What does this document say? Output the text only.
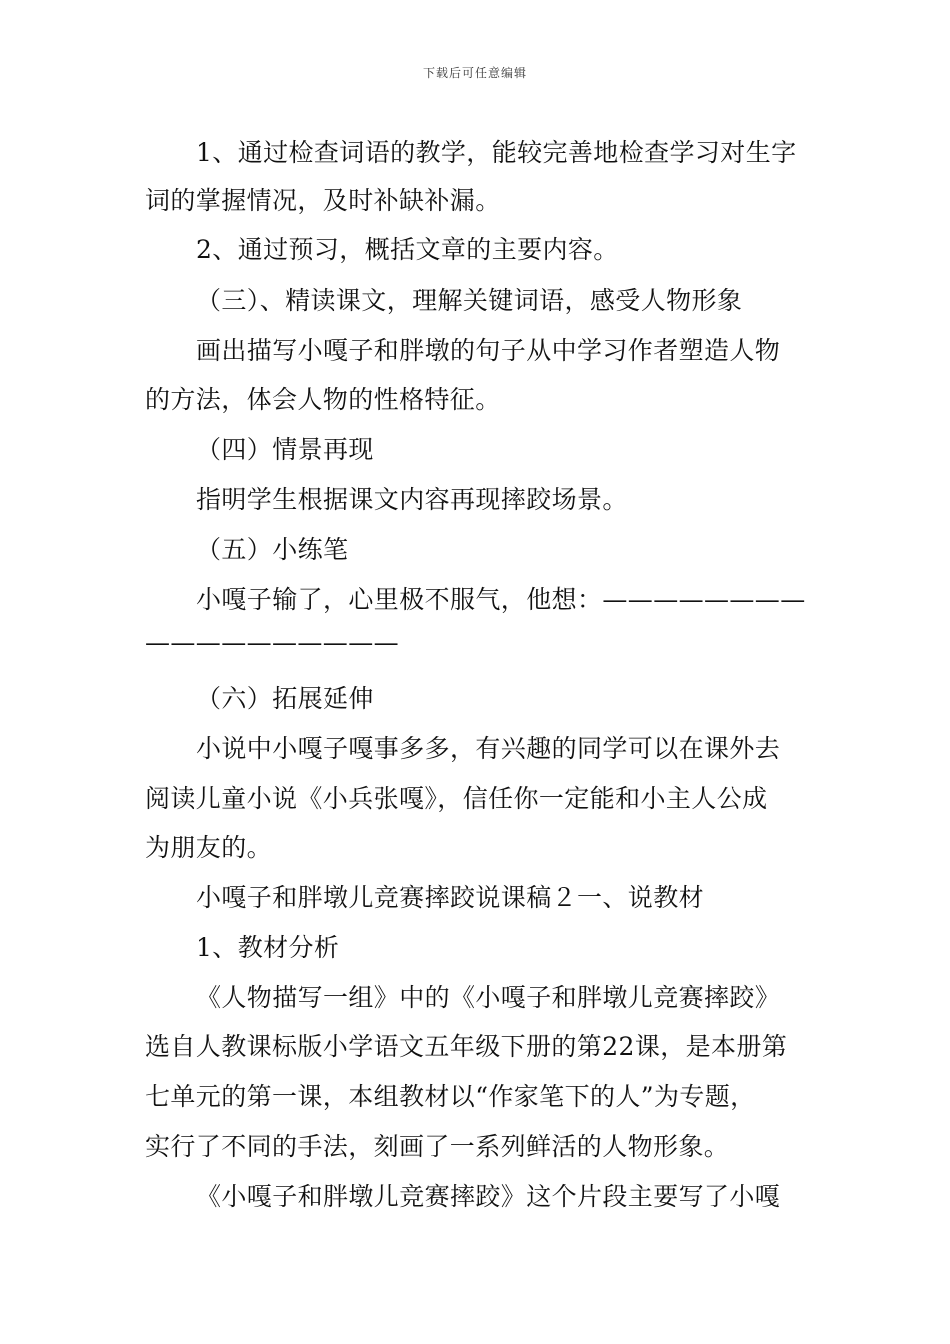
下载后可任意编辑
1、通过检查词语的教学，能较完善地检查学习对生字
词的掌握情况，及时补缺补漏。
2、通过预习，概括文章的主要内容。
（三）、精读课文，理解关键词语，感受人物形象
画出描写小嘎子和胖墩的句子从中学习作者塑造人物
的方法，体会人物的性格特征。
（四）情景再现
指明学生根据课文内容再现摔跤场景。
（五）小练笔
小嘎子输了，心里极不服气，他想：————————
——————————
（六）拓展延伸
小说中小嘎子嘎事多多，有兴趣的同学可以在课外去
阅读儿童小说《小兵张嘎》，信任你一定能和小主人公成
为朋友的。
小嘎子和胖墩儿竞赛摔跤说课稿２一、说教材
1、教材分析
《人物描写一组》中的《小嘎子和胖墩儿竞赛摔跤》
选自人教课标版小学语文五年级下册的第22课，是本册第
七单元的第一课，本组教材以“作家笔下的人”为专题，
实行了不同的手法，刻画了一系列鲜活的人物形象。
《小嘎子和胖墩儿竞赛摔跤》这个片段主要写了小嘎
